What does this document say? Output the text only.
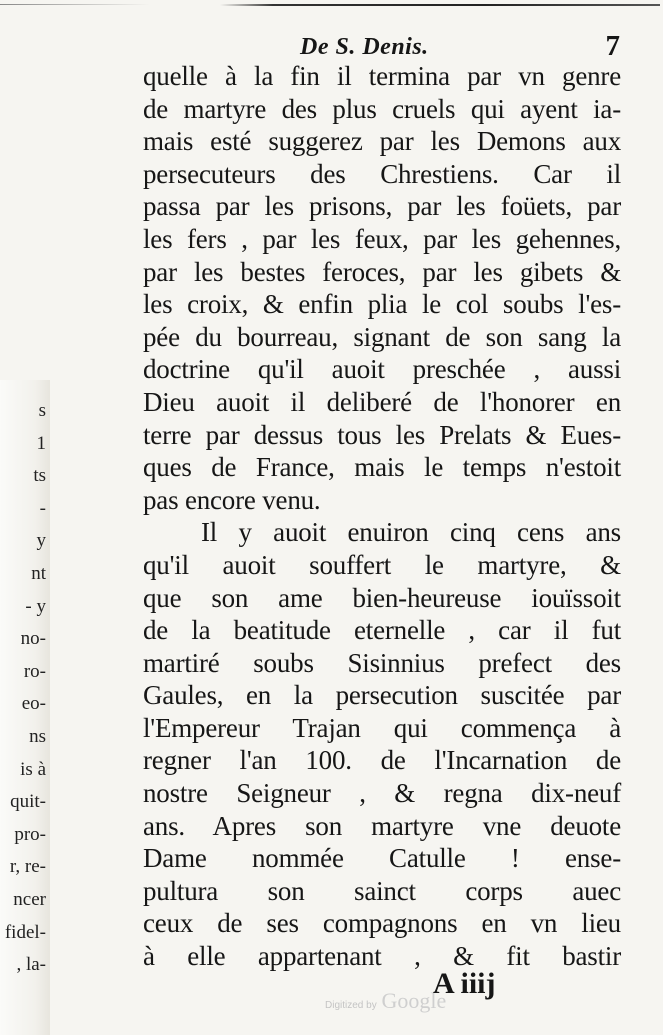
De S. Denis.	7
quelle à la fin il termina par vn genre
de martyre des plus cruels qui ayent ia-
mais esté suggerez par les Demons aux
persecuteurs des Chrestiens. Car il
passa par les prisons, par les foüets, par
les fers , par les feux, par les gehennes,
par les bestes feroces, par les gibets &
les croix, & enfin plia le col soubs l'es-
pée du bourreau, signant de son sang la
doctrine qu'il auoit preschée , aussi
Dieu auoit il deliberé de l'honorer en
terre par dessus tous les Prelats & Eues-
ques de France, mais le temps n'estoit
pas encore venu.
Il y auoit enuiron cinq cens ans
qu'il auoit souffert le martyre, &
que son ame bien-heureuse iouïssoit
de la beatitude eternelle , car il fut
martiré soubs Sisinnius prefect des
Gaules, en la persecution suscitée par
l'Empereur Trajan qui commença à
regner l'an 100. de l'Incarnation de
nostre Seigneur , & regna dix-neuf
ans. Apres son martyre vne deuote
Dame nommée Catulle ! ense-
pultura son sainct corps auec
ceux de ses compagnons en vn lieu
à elle appartenant , & fit bastir
s
1
ts
-
y
nt
- y
no-
ro-
eo-
ns
is à
quit-
pro-
r, re-
ncer
fidel-
, la-
Digitized by Google
A iiij
